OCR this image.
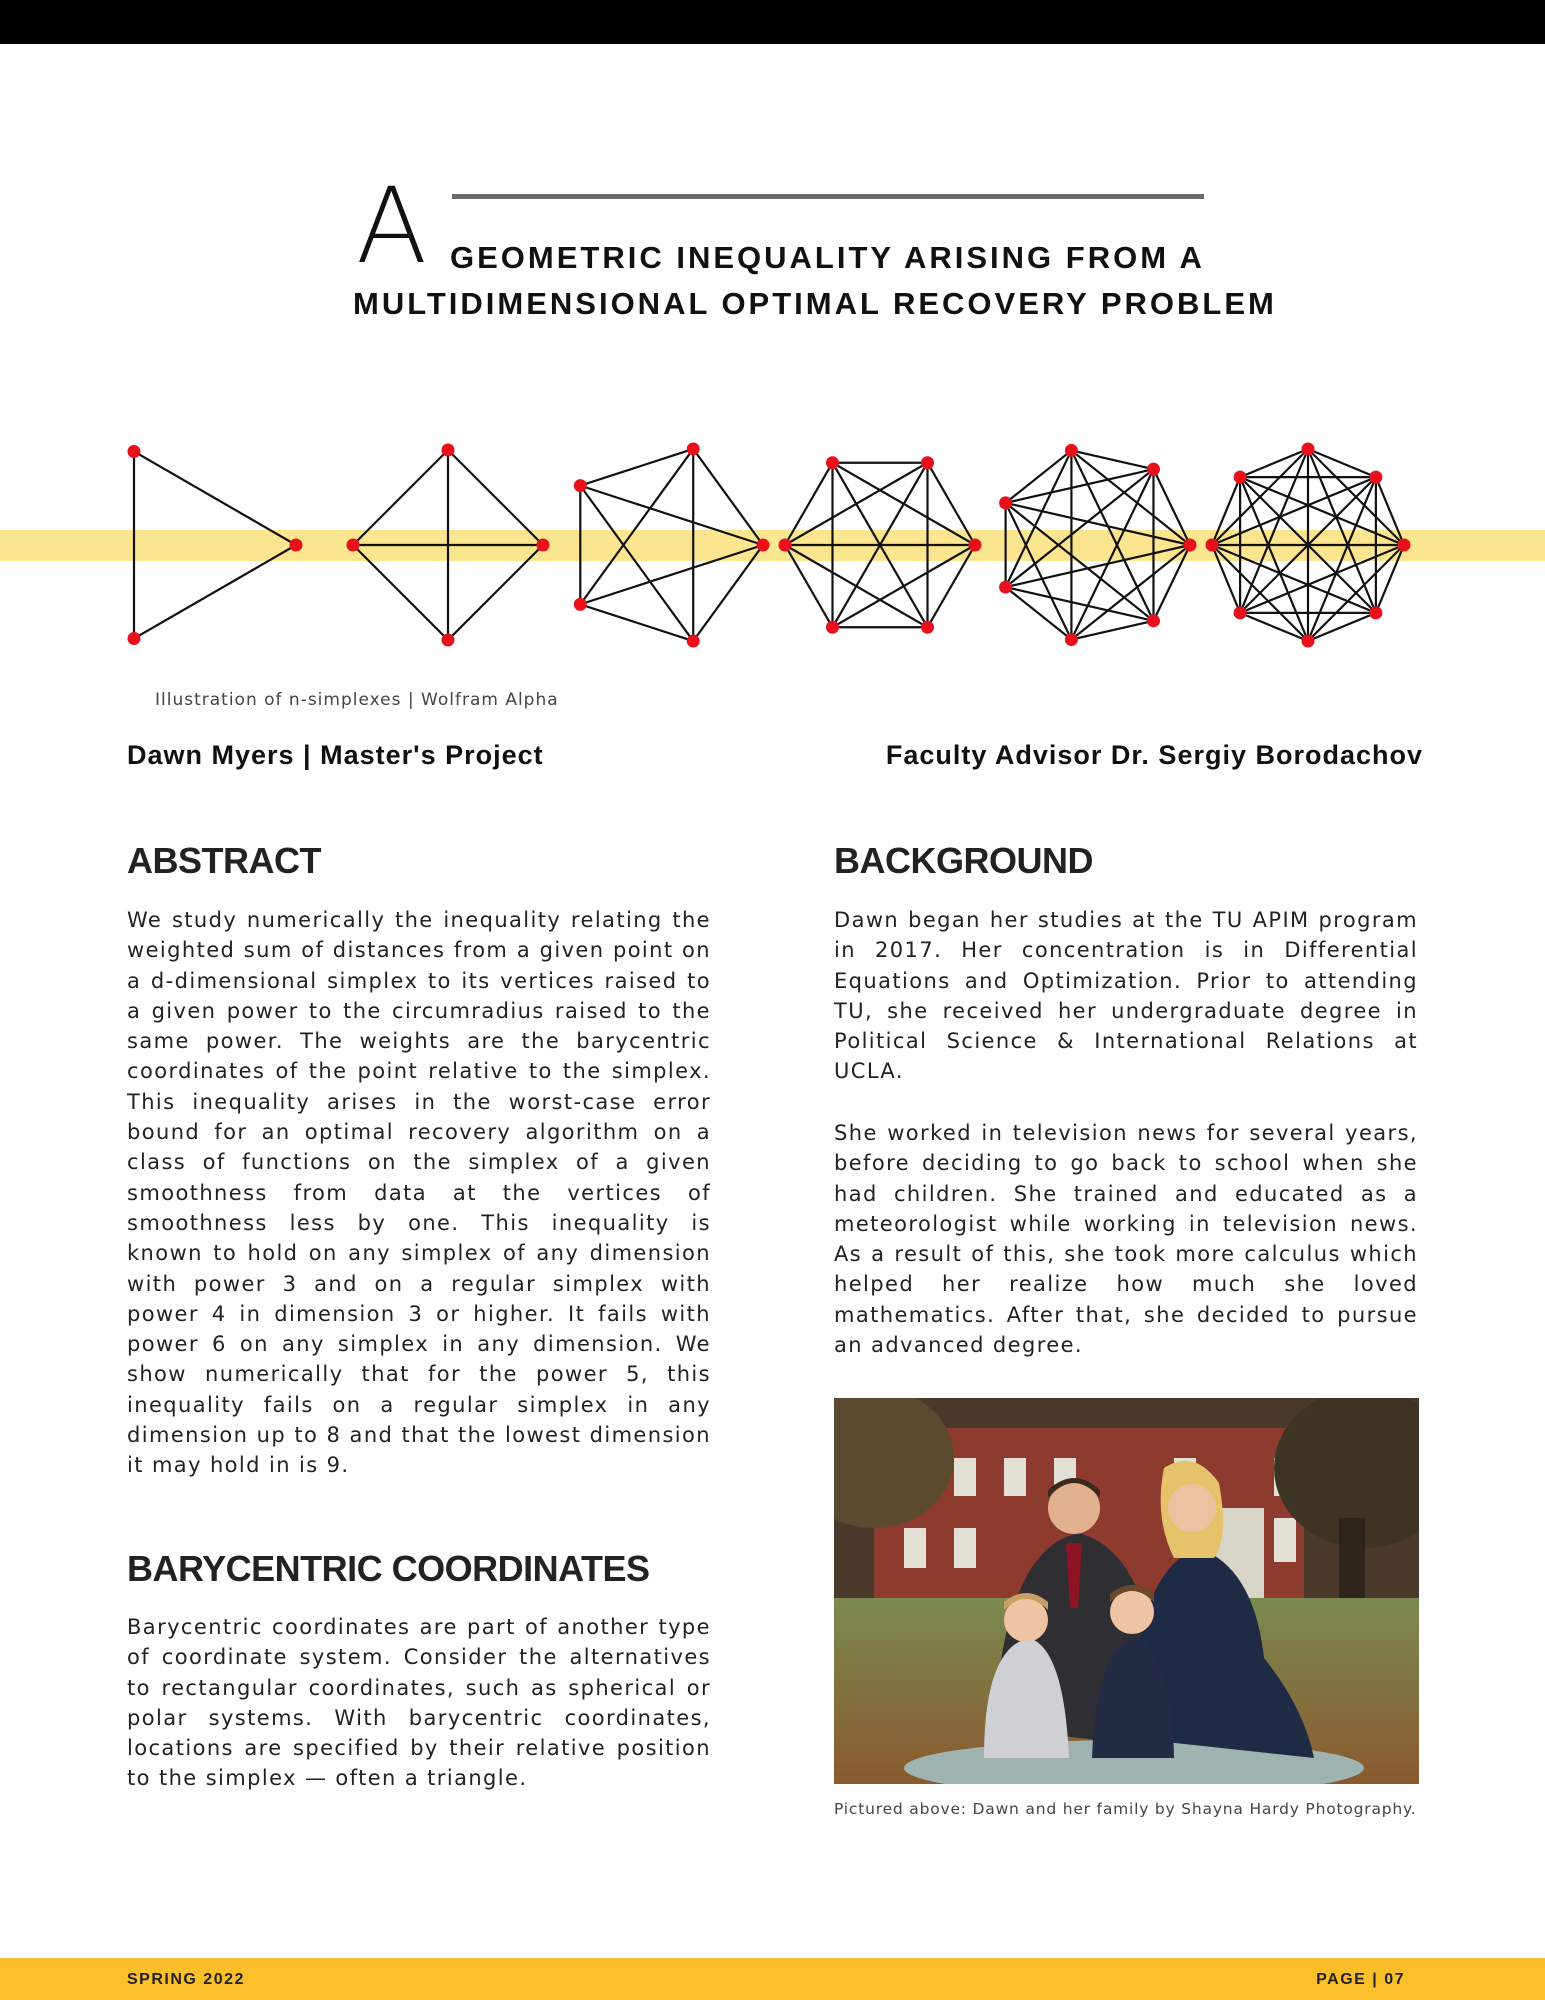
A GEOMETRIC INEQUALITY ARISING FROM A
MULTIDIMENSIONAL OPTIMAL RECOVERY PROBLEM
Illustration of n-simplexes | Wolfram Alpha
Dawn Myers | Master's Project	Faculty Advisor Dr. Sergiy Borodachov
ABSTRACT

We study numerically the inequality relating the weighted sum of distances from a given point on a d-dimensional simplex to its vertices raised to a given power to the circumradius raised to the same power. The weights are the barycentric coordinates of the point relative to the simplex. This inequality arises in the worst-case error bound for an optimal recovery algorithm on a class of functions on the simplex of a given smoothness from data at the vertices of smoothness less by one. This inequality is known to hold on any simplex of any dimension with power 3 and on a regular simplex with power 4 in dimension 3 or higher. It fails with power 6 on any simplex in any dimension. We show numerically that for the power 5, this inequality fails on a regular simplex in any dimension up to 8 and that the lowest dimension it may hold in is 9.

BARYCENTRIC COORDINATES

Barycentric coordinates are part of another type of coordinate system. Consider the alternatives to rectangular coordinates, such as spherical or polar systems. With barycentric coordinates, locations are specified by their relative position to the simplex — often a triangle.

BACKGROUND

Dawn began her studies at the TU APIM program in 2017. Her concentration is in Differential Equations and Optimization. Prior to attending TU, she received her undergraduate degree in Political Science & International Relations at UCLA.

She worked in television news for several years, before deciding to go back to school when she had children. She trained and educated as a meteorologist while working in television news. As a result of this, she took more calculus which helped her realize how much she loved mathematics. After that, she decided to pursue an advanced degree.

Pictured above: Dawn and her family by Shayna Hardy Photography.
SPRING 2022	PAGE | 07
